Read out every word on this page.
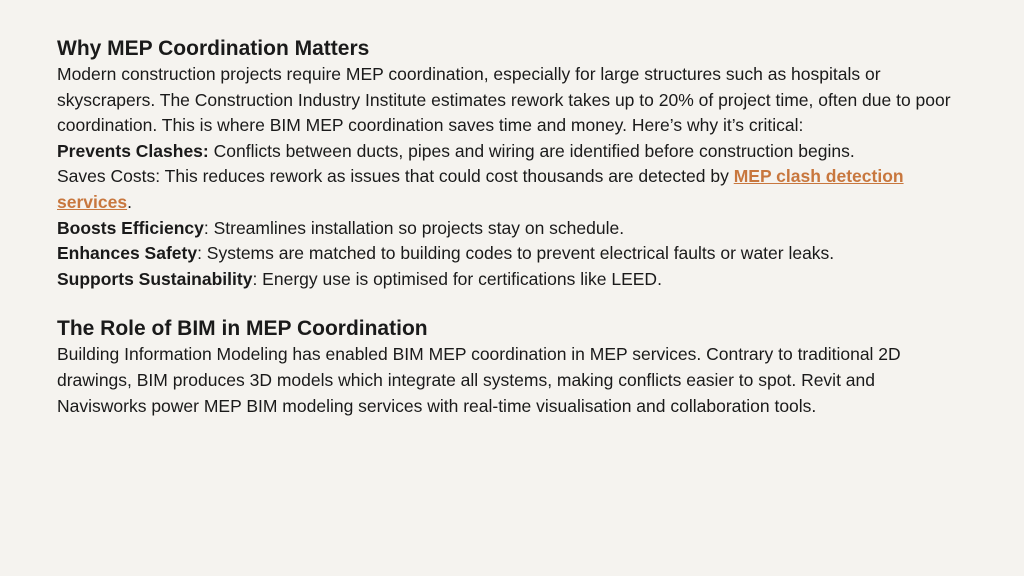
Why MEP Coordination Matters

Modern construction projects require MEP coordination, especially for large structures such as hospitals or skyscrapers. The Construction Industry Institute estimates rework takes up to 20% of project time, often due to poor coordination. This is where BIM MEP coordination saves time and money. Here’s why it’s critical:

Prevents Clashes: Conflicts between ducts, pipes and wiring are identified before construction begins.

Saves Costs: This reduces rework as issues that could cost thousands are detected by MEP clash detection services.

Boosts Efficiency: Streamlines installation so projects stay on schedule.

Enhances Safety: Systems are matched to building codes to prevent electrical faults or water leaks.

Supports Sustainability: Energy use is optimised for certifications like LEED.

The Role of BIM in MEP Coordination

Building Information Modeling has enabled BIM MEP coordination in MEP services. Contrary to traditional 2D drawings, BIM produces 3D models which integrate all systems, making conflicts easier to spot. Revit and Navisworks power MEP BIM modeling services with real-time visualisation and collaboration tools.
